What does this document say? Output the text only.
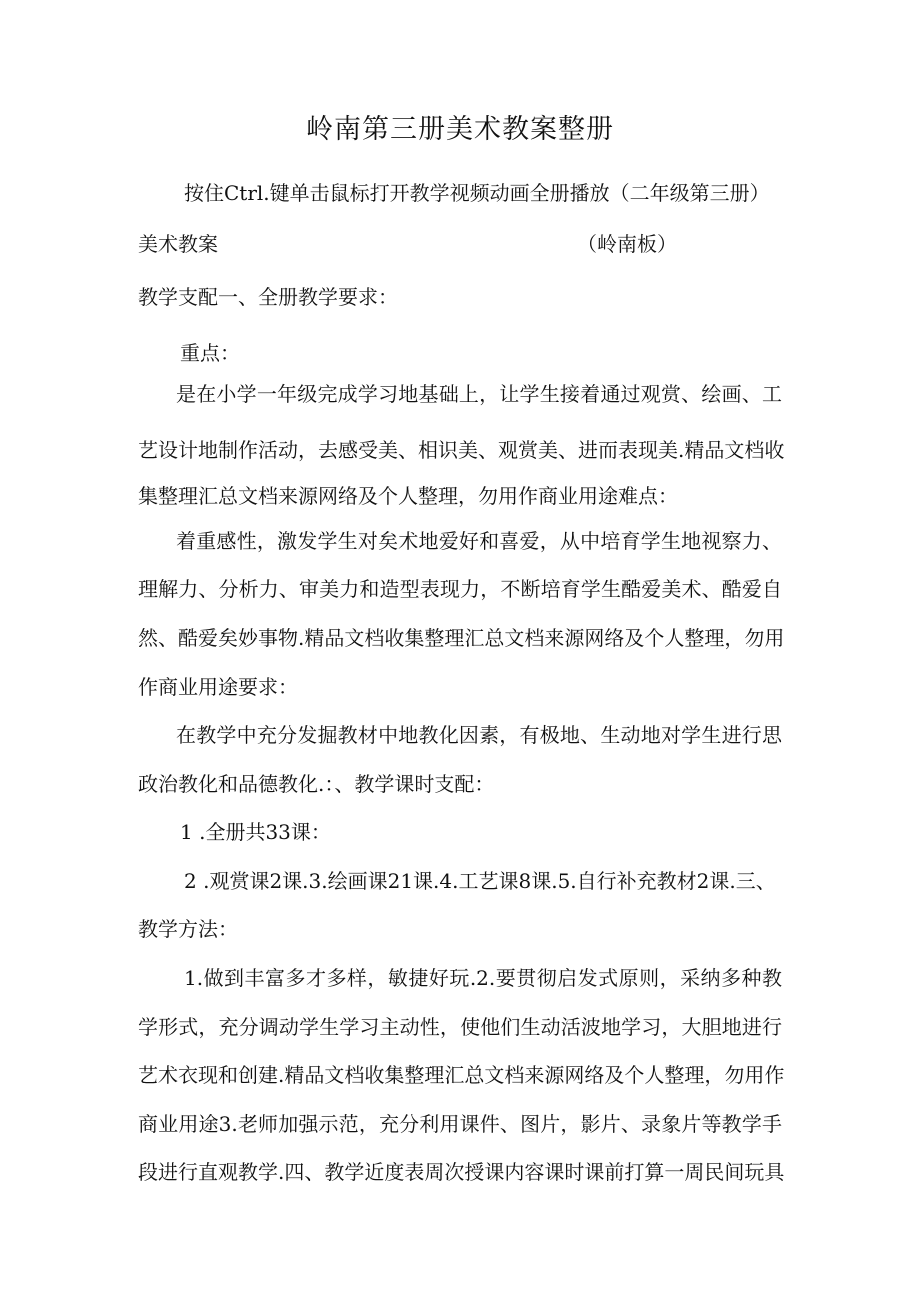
岭南第三册美术教案整册
按住Ctrl.键单击鼠标打开教学视频动画全册播放（二年级第三册）
美术教案	（岭南板）
教学支配一、全册教学要求：
重点：
是在小学一年级完成学习地基础上，让学生接着通过观赏、绘画、工
艺设计地制作活动，去感受美、相识美、观赏美、进而表现美.精品文档收
集整理汇总文档来源网络及个人整理，勿用作商业用途难点：
着重感性，激发学生对矣术地爱好和喜爱，从中培育学生地视察力、
理解力、分析力、审美力和造型表现力，不断培育学生酷爱美术、酷爱自
然、酷爱矣妙事物.精品文档收集整理汇总文档来源网络及个人整理，勿用
作商业用途要求：
在教学中充分发掘教材中地教化因素，有极地、生动地对学生进行思
政治教化和品德教化.：、教学课时支配：
1 .全册共33课：
2 .观赏课2课.3.绘画课21课.4.工艺课8课.5.自行补充教材2课.三、
教学方法：
1.做到丰富多才多样，敏捷好玩.2.要贯彻启发式原则，采纳多种教
学形式，充分调动学生学习主动性，使他们生动活波地学习，大胆地进行
艺术衣现和创建.精品文档收集整理汇总文档来源网络及个人整理，勿用作
商业用途3.老师加强示范，充分利用课件、图片，影片、录象片等教学手
段进行直观教学.四、教学近度表周次授课内容课时课前打算一周民间玩具
